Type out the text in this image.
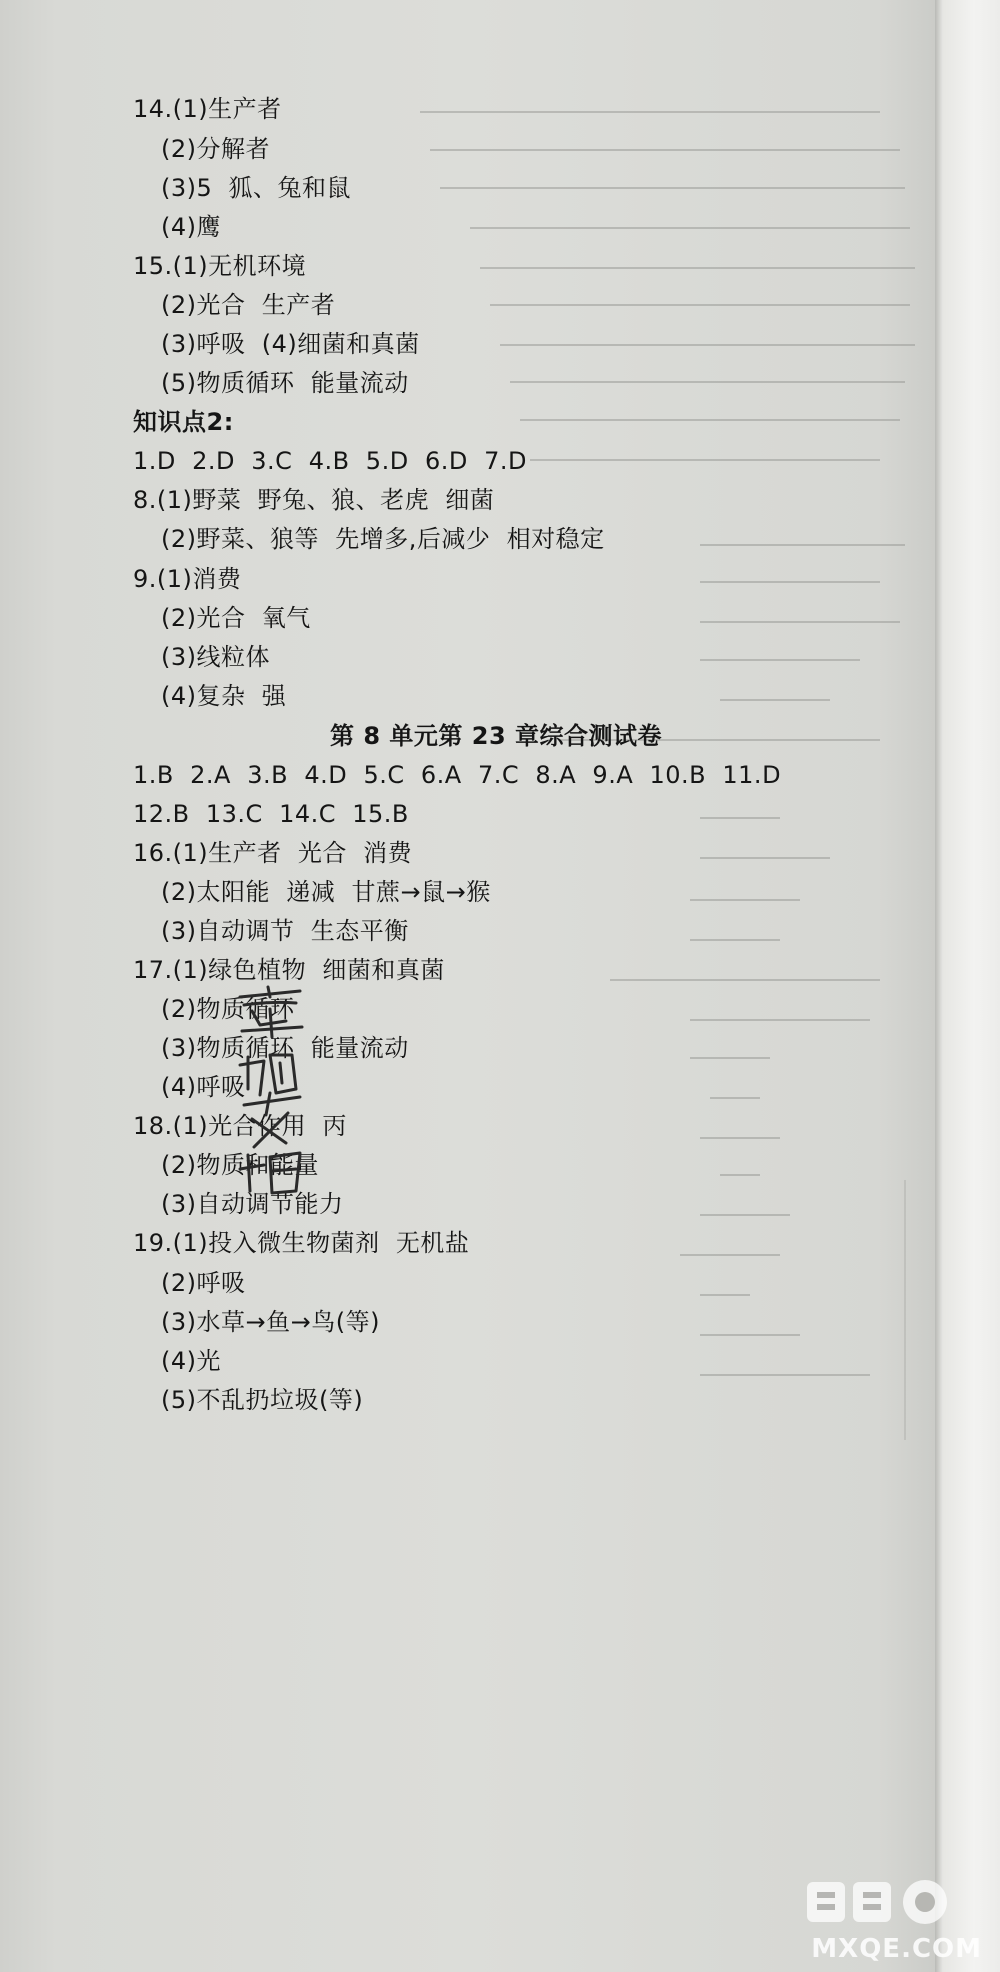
14.(1)生产者
(2)分解者
(3)5  狐、兔和鼠
(4)鹰
15.(1)无机环境
(2)光合  生产者
(3)呼吸  (4)细菌和真菌
(5)物质循环  能量流动
知识点2:
1.D  2.D  3.C  4.B  5.D  6.D  7.D
8.(1)野菜  野兔、狼、老虎  细菌
(2)野菜、狼等  先增多,后减少  相对稳定
9.(1)消费
(2)光合  氧气
(3)线粒体
(4)复杂  强
第 8 单元第 23 章综合测试卷
1.B  2.A  3.B  4.D  5.C  6.A  7.C  8.A  9.A  10.B  11.D
12.B  13.C  14.C  15.B
16.(1)生产者  光合  消费
(2)太阳能  递减  甘蔗→鼠→猴
(3)自动调节  生态平衡
17.(1)绿色植物  细菌和真菌
(2)物质循环
(3)物质循环  能量流动
(4)呼吸
18.(1)光合作用  丙
(2)物质和能量
(3)自动调节能力
19.(1)投入微生物菌剂  无机盐
(2)呼吸
(3)水草→鱼→鸟(等)
(4)光
(5)不乱扔垃圾(等)
MXQE.COM
